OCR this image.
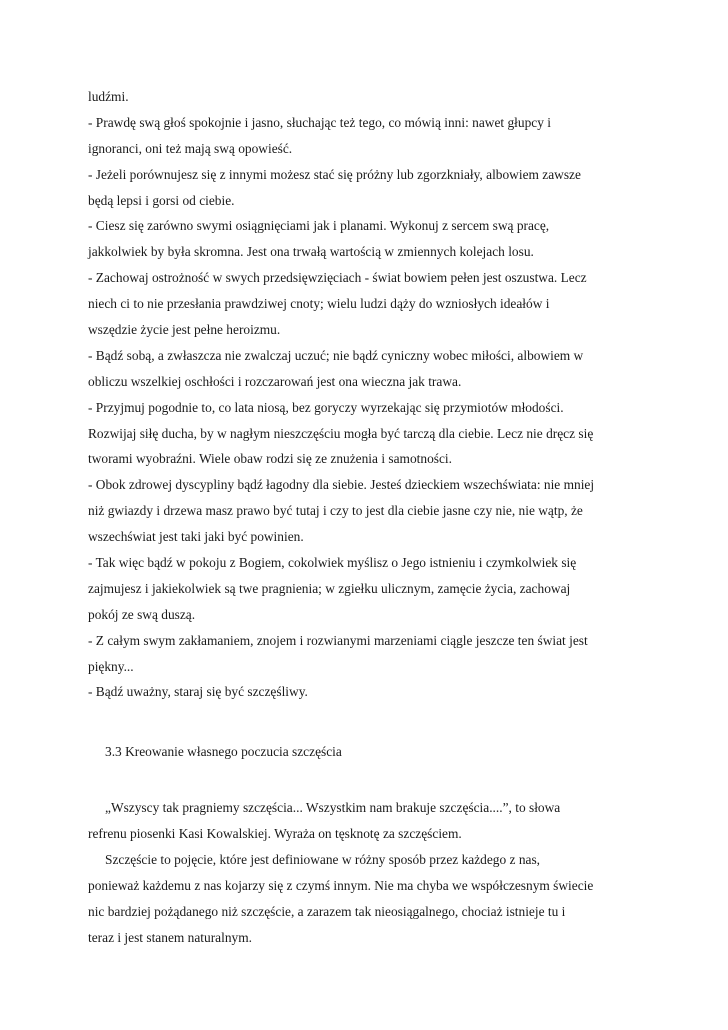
ludźmi.
- Prawdę swą głoś spokojnie i jasno, słuchając też tego, co mówią inni: nawet głupcy i
ignoranci, oni też mają swą opowieść.
- Jeżeli porównujesz się z innymi możesz stać się próżny lub zgorzkniały, albowiem zawsze
będą lepsi i gorsi od ciebie.
- Ciesz się zarówno swymi osiągnięciami jak i planami. Wykonuj z sercem swą pracę,
jakkolwiek by była skromna. Jest ona trwałą wartością w zmiennych kolejach losu.
- Zachowaj ostrożność w swych przedsięwzięciach - świat bowiem pełen jest oszustwa. Lecz
niech ci to nie przesłania prawdziwej cnoty; wielu ludzi dąży do wzniosłych ideałów i
wszędzie życie jest pełne heroizmu.
- Bądź sobą, a zwłaszcza nie zwalczaj uczuć; nie bądź cyniczny wobec miłości, albowiem w
obliczu wszelkiej oschłości i rozczarowań jest ona wieczna jak trawa.
- Przyjmuj pogodnie to, co lata niosą, bez goryczy wyrzekając się przymiotów młodości.
Rozwijaj siłę ducha, by w nagłym nieszczęściu mogła być tarczą dla ciebie. Lecz nie dręcz się
tworami wyobraźni. Wiele obaw rodzi się ze znużenia i samotności.
- Obok zdrowej dyscypliny bądź łagodny dla siebie. Jesteś dzieckiem wszechświata: nie mniej
niż gwiazdy i drzewa masz prawo być tutaj i czy to jest dla ciebie jasne czy nie, nie wątp, że
wszechświat jest taki jaki być powinien.
- Tak więc bądź w pokoju z Bogiem, cokolwiek myślisz o Jego istnieniu i czymkolwiek się
zajmujesz i jakiekolwiek są twe pragnienia; w zgiełku ulicznym, zamęcie życia, zachowaj
pokój ze swą duszą.
- Z całym swym zakłamaniem, znojem i rozwianymi marzeniami ciągle jeszcze ten świat jest
piękny...
- Bądź uważny, staraj się być szczęśliwy.
3.3 Kreowanie własnego poczucia szczęścia
„Wszyscy tak pragniemy szczęścia... Wszystkim nam brakuje szczęścia....”, to słowa
refrenu piosenki Kasi Kowalskiej. Wyraża on tęsknotę za szczęściem.
Szczęście to pojęcie, które jest definiowane w różny sposób przez każdego z nas,
ponieważ każdemu z nas kojarzy się z czymś innym. Nie ma chyba we współczesnym świecie
nic bardziej pożądanego niż szczęście, a zarazem tak nieosiągalnego, chociaż istnieje tu i
teraz i jest stanem naturalnym.
